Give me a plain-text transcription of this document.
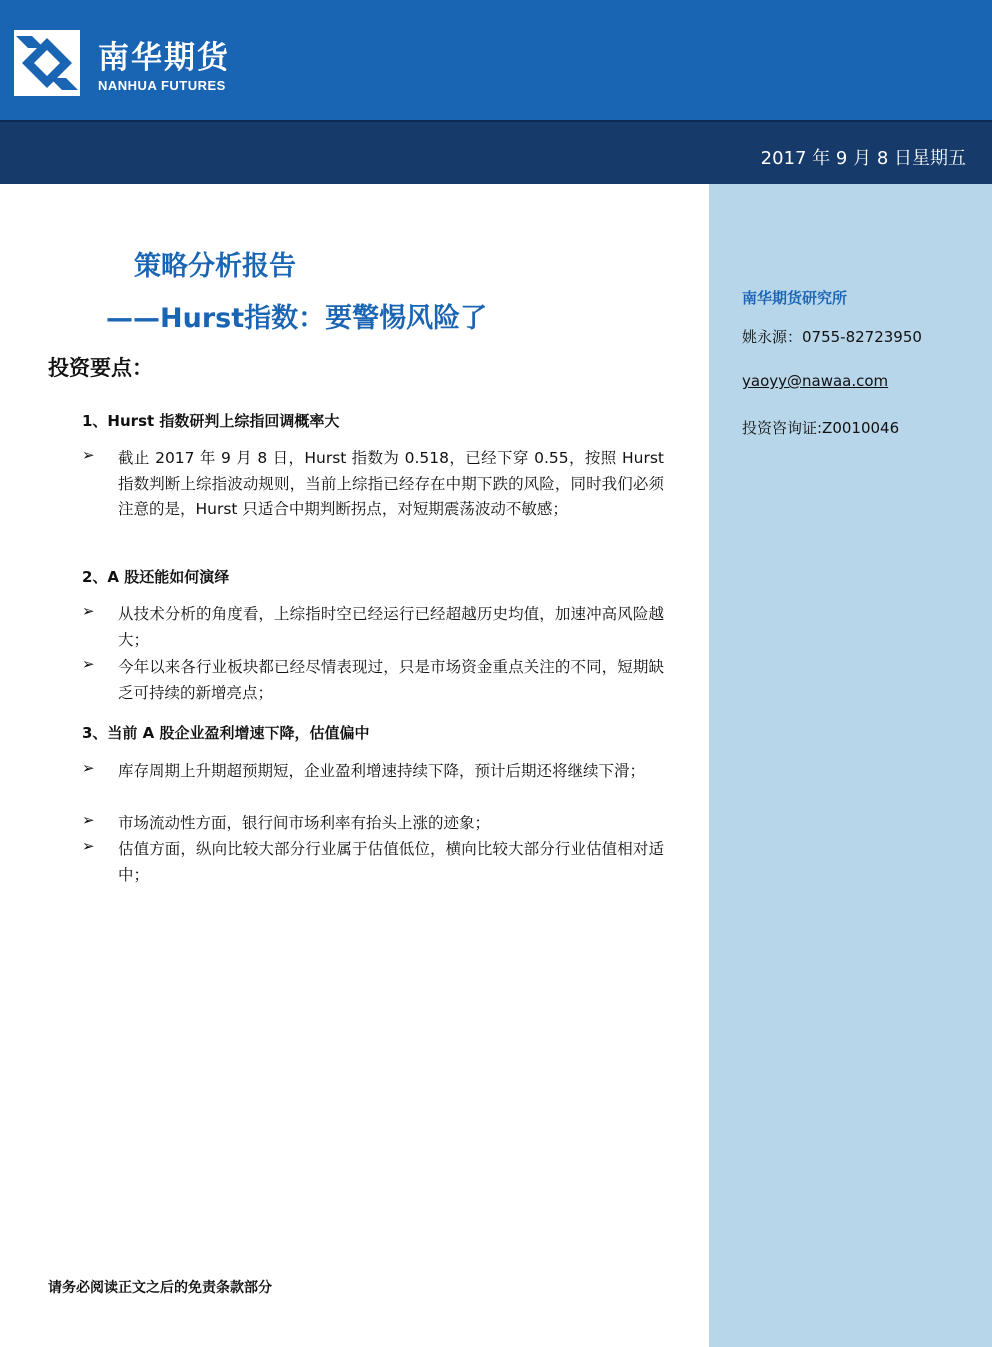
南华期货
NANHUA FUTURES
2017 年 9 月 8 日星期五
南华期货研究所
姚永源：0755-82723950
yaoyy@nawaa.com
投资咨询证:Z0010046
策略分析报告
——Hurst指数：要警惕风险了
投资要点：
1、Hurst 指数研判上综指回调概率大
➢ 截止 2017 年 9 月 8 日，Hurst 指数为 0.518，已经下穿 0.55，按照 Hurst 指数判断上综指波动规则，当前上综指已经存在中期下跌的风险，同时我们必须注意的是，Hurst 只适合中期判断拐点，对短期震荡波动不敏感；
2、A 股还能如何演绎
➢ 从技术分析的角度看，上综指时空已经运行已经超越历史均值，加速冲高风险越大；
➢ 今年以来各行业板块都已经尽情表现过，只是市场资金重点关注的不同，短期缺乏可持续的新增亮点；
3、当前 A 股企业盈利增速下降，估值偏中
➢ 库存周期上升期超预期短，企业盈利增速持续下降，预计后期还将继续下滑；
➢ 市场流动性方面，银行间市场利率有抬头上涨的迹象；
➢ 估值方面，纵向比较大部分行业属于估值低位，横向比较大部分行业估值相对适中；
请务必阅读正文之后的免责条款部分
